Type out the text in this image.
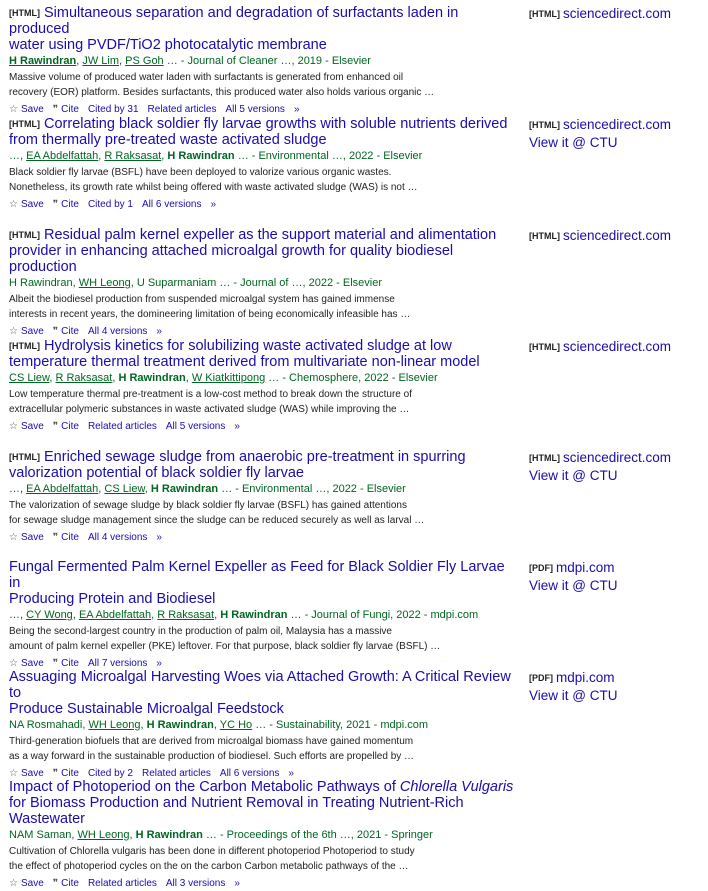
[HTML] Simultaneous separation and degradation of surfactants laden in produced
water using PVDF/TiO2 photocatalytic membrane
H Rawindran, JW Lim, PS Goh … - Journal of Cleaner …, 2019 - Elsevier
Massive volume of produced water laden with surfactants is generated from enhanced oil
recovery (EOR) platform. Besides surfactants, this produced water also holds various organic …
☆ Save ❞ Cite Cited by 31 Related articles All 5 versions »
[HTML] sciencedirect.com
[HTML] Correlating black soldier fly larvae growths with soluble nutrients derived
from thermally pre-treated waste activated sludge
…, EA Abdelfattah, R Raksasat, H Rawindran … - Environmental …, 2022 - Elsevier
Black soldier fly larvae (BSFL) have been deployed to valorize various organic wastes.
Nonetheless, its growth rate whilst being offered with waste activated sludge (WAS) is not …
☆ Save ❞ Cite Cited by 1 All 6 versions »
[HTML] sciencedirect.com
View it @ CTU
[HTML] Residual palm kernel expeller as the support material and alimentation
provider in enhancing attached microalgal growth for quality biodiesel production
H Rawindran, WH Leong, U Suparmaniam … - Journal of …, 2022 - Elsevier
Albeit the biodiesel production from suspended microalgal system has gained immense
interests in recent years, the domineering limitation of being economically infeasible has …
☆ Save ❞ Cite All 4 versions »
[HTML] sciencedirect.com
[HTML] Hydrolysis kinetics for solubilizing waste activated sludge at low
temperature thermal treatment derived from multivariate non-linear model
CS Liew, R Raksasat, H Rawindran, W Kiatkittipong … - Chemosphere, 2022 - Elsevier
Low temperature thermal pre-treatment is a low-cost method to break down the structure of
extracellular polymeric substances in waste activated sludge (WAS) while improving the …
☆ Save ❞ Cite Related articles All 5 versions »
[HTML] sciencedirect.com
[HTML] Enriched sewage sludge from anaerobic pre-treatment in spurring
valorization potential of black soldier fly larvae
…, EA Abdelfattah, CS Liew, H Rawindran … - Environmental …, 2022 - Elsevier
The valorization of sewage sludge by black soldier fly larvae (BSFL) has gained attentions
for sewage sludge management since the sludge can be reduced securely as well as larval …
☆ Save ❞ Cite All 4 versions »
[HTML] sciencedirect.com
View it @ CTU
Fungal Fermented Palm Kernel Expeller as Feed for Black Soldier Fly Larvae in
Producing Protein and Biodiesel
…, CY Wong, EA Abdelfattah, R Raksasat, H Rawindran … - Journal of Fungi, 2022 - mdpi.com
Being the second-largest country in the production of palm oil, Malaysia has a massive
amount of palm kernel expeller (PKE) leftover. For that purpose, black soldier fly larvae (BSFL) …
☆ Save ❞ Cite All 7 versions »
[PDF] mdpi.com
View it @ CTU
Assuaging Microalgal Harvesting Woes via Attached Growth: A Critical Review to
Produce Sustainable Microalgal Feedstock
NA Rosmahadi, WH Leong, H Rawindran, YC Ho … - Sustainability, 2021 - mdpi.com
Third-generation biofuels that are derived from microalgal biomass have gained momentum
as a way forward in the sustainable production of biodiesel. Such efforts are propelled by …
☆ Save ❞ Cite Cited by 2 Related articles All 6 versions »
[PDF] mdpi.com
View it @ CTU
Impact of Photoperiod on the Carbon Metabolic Pathways of Chlorella Vulgaris
for Biomass Production and Nutrient Removal in Treating Nutrient-Rich
Wastewater
NAM Saman, WH Leong, H Rawindran … - Proceedings of the 6th …, 2021 - Springer
Cultivation of Chlorella vulgaris has been done in different photoperiod Photoperiod to study
the effect of photoperiod cycles on the on the carbon Carbon metabolic pathways of the …
☆ Save ❞ Cite Related articles All 3 versions »
